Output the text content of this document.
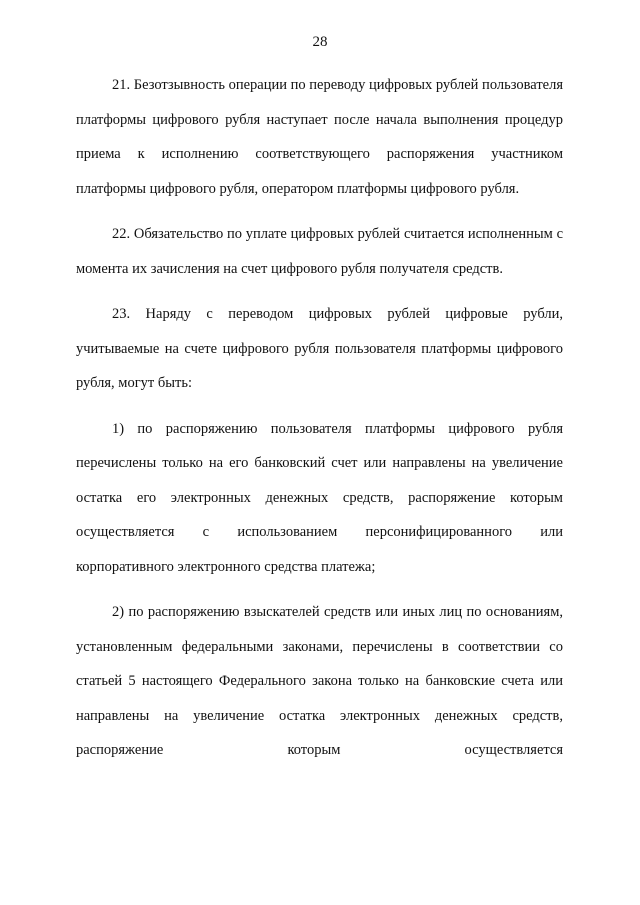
28

21. Безотзывность операции по переводу цифровых рублей пользователя платформы цифрового рубля наступает после начала выполнения процедур приема к исполнению соответствующего распоряжения участником платформы цифрового рубля, оператором платформы цифрового рубля.

22. Обязательство по уплате цифровых рублей считается исполненным с момента их зачисления на счет цифрового рубля получателя средств.

23. Наряду с переводом цифровых рублей цифровые рубли, учитываемые на счете цифрового рубля пользователя платформы цифрового рубля, могут быть:

1) по распоряжению пользователя платформы цифрового рубля перечислены только на его банковский счет или направлены на увеличение остатка его электронных денежных средств, распоряжение которым осуществляется с использованием персонифицированного или корпоративного электронного средства платежа;

2) по распоряжению взыскателей средств или иных лиц по основаниям, установленным федеральными законами, перечислены в соответствии со статьей 5 настоящего Федерального закона только на банковские счета или направлены на увеличение остатка электронных денежных средств, распоряжение которым осуществляется
